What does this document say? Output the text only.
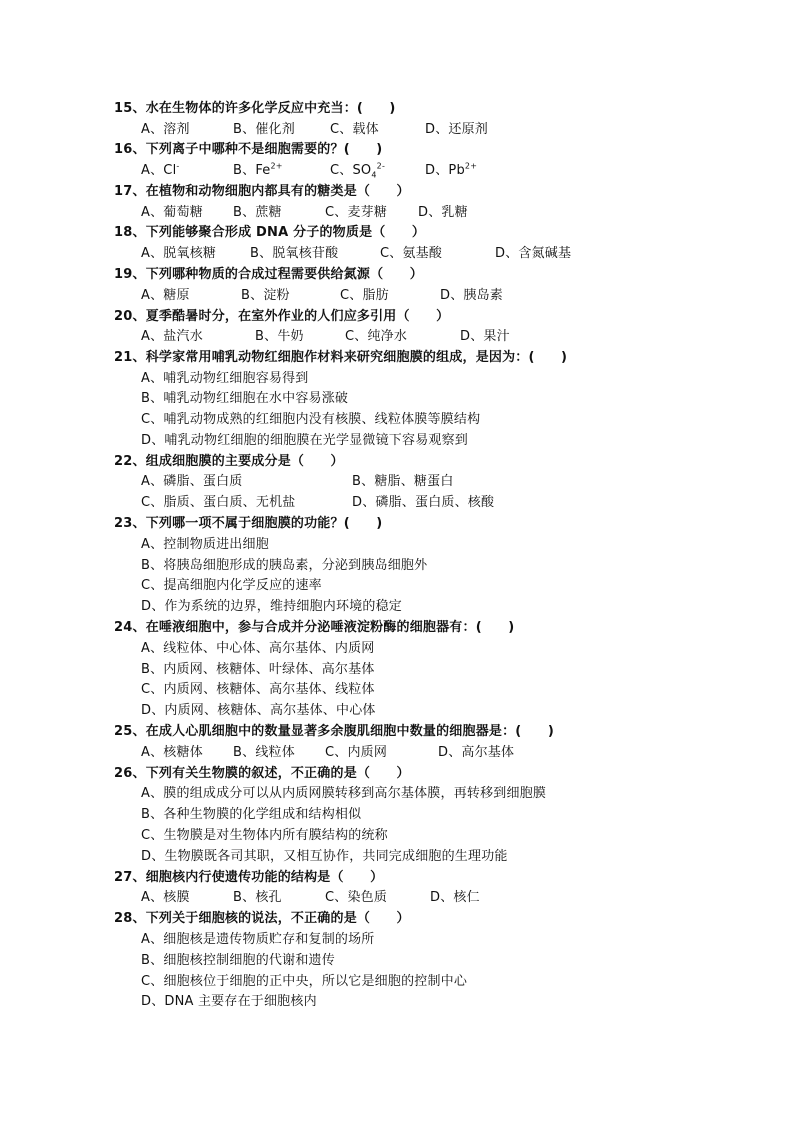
15、水在生物体的许多化学反应中充当：(　　)
A、溶剂	B、催化剂	C、载体	D、还原剂
16、下列离子中哪种不是细胞需要的？(　　)
A、Cl-	B、$Fe^{2+}$	C、$SO_4^{2-}$	D、$Pb^{2+}$
17、在植物和动物细胞内都具有的糖类是（　　）
A、葡萄糖 B、蔗糖	C、麦芽糖 D、乳糖
18、下列能够聚合形成 DNA 分子的物质是（　　）
A、脱氧核糖	B、脱氧核苷酸	C、氨基酸	D、含氮碱基
19、下列哪种物质的合成过程需要供给氮源（　　）
A、糖原	B、淀粉	C、脂肪	D、胰岛素
20、夏季酷暑时分，在室外作业的人们应多引用（　　）
A、盐汽水	B、牛奶	C、纯净水	D、果汁
21、科学家常用哺乳动物红细胞作材料来研究细胞膜的组成，是因为：(　　)
A、哺乳动物红细胞容易得到
B、哺乳动物红细胞在水中容易涨破
C、哺乳动物成熟的红细胞内没有核膜、线粒体膜等膜结构
D、哺乳动物红细胞的细胞膜在光学显微镜下容易观察到
22、组成细胞膜的主要成分是（　　）
A、磷脂、蛋白质	B、糖脂、糖蛋白
C、脂质、蛋白质、无机盐	D、磷脂、蛋白质、核酸
23、下列哪一项不属于细胞膜的功能？(　　)
A、控制物质进出细胞
B、将胰岛细胞形成的胰岛素，分泌到胰岛细胞外
C、提高细胞内化学反应的速率
D、作为系统的边界，维持细胞内环境的稳定
24、在唾液细胞中，参与合成并分泌唾液淀粉酶的细胞器有：(　　)
A、线粒体、中心体、高尔基体、内质网
B、内质网、核糖体、叶绿体、高尔基体
C、内质网、核糖体、高尔基体、线粒体
D、内质网、核糖体、高尔基体、中心体
25、在成人心肌细胞中的数量显著多余腹肌细胞中数量的细胞器是：(　　)
A、核糖体 B、线粒体 C、内质网	D、高尔基体
26、下列有关生物膜的叙述，不正确的是（　　）
A、膜的组成成分可以从内质网膜转移到高尔基体膜，再转移到细胞膜
B、各种生物膜的化学组成和结构相似
C、生物膜是对生物体内所有膜结构的统称
D、生物膜既各司其职，又相互协作，共同完成细胞的生理功能
27、细胞核内行使遗传功能的结构是（　　）
A、核膜	B、核孔	C、染色质	D、核仁
28、下列关于细胞核的说法，不正确的是（　　）
A、细胞核是遗传物质贮存和复制的场所
B、细胞核控制细胞的代谢和遗传
C、细胞核位于细胞的正中央，所以它是细胞的控制中心
D、DNA 主要存在于细胞核内
